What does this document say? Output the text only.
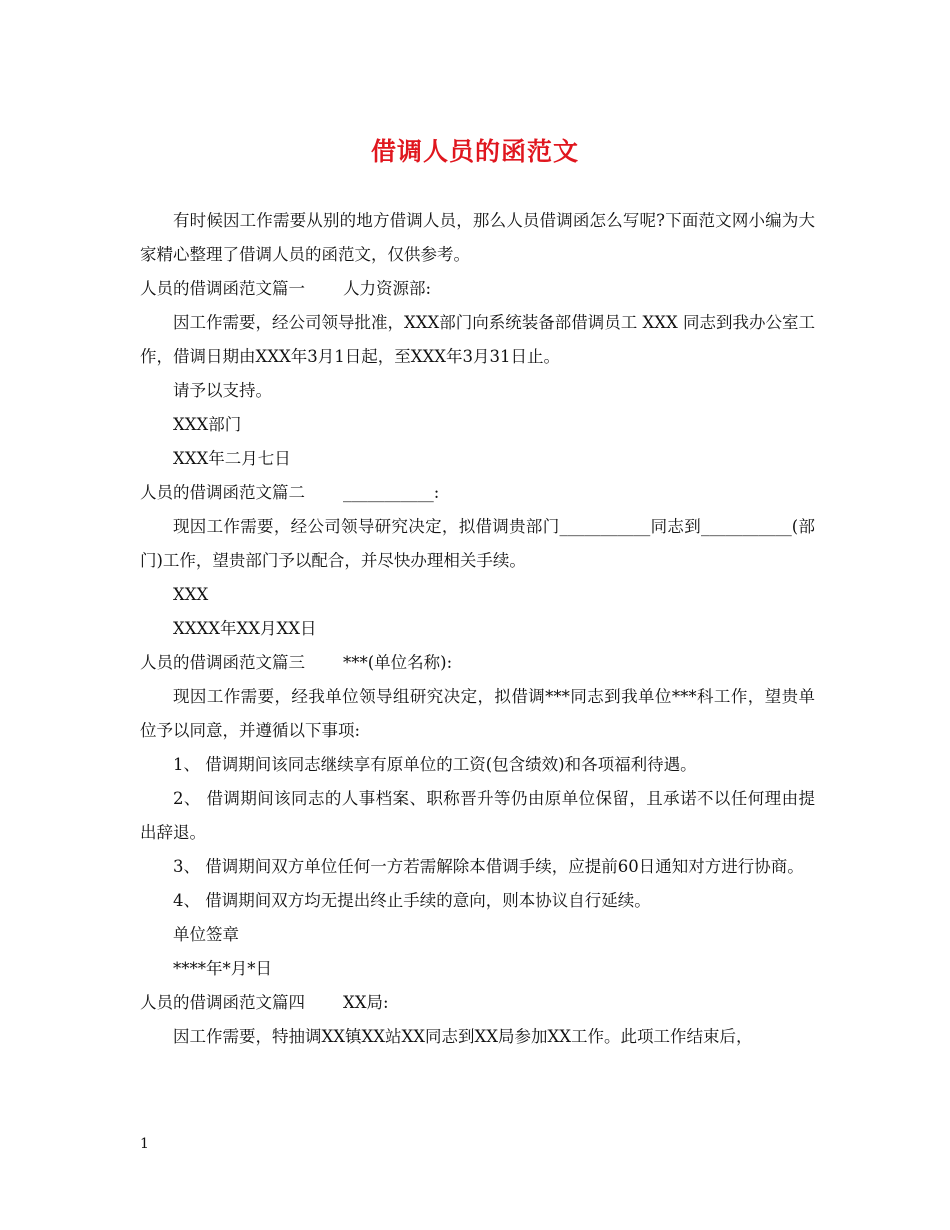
借调人员的函范文

有时候因工作需要从别的地方借调人员，那么人员借调函怎么写呢?下面范文网小编为大家精心整理了借调人员的函范文，仅供参考。

人员的借调函范文篇一 人力资源部:

因工作需要，经公司领导批准，XXX部门向系统装备部借调员工 XXX 同志到我办公室工作，借调日期由XXX年3月1日起，至XXX年3月31日止。

请予以支持。

XXX部门

XXX年二月七日

人员的借调函范文篇二 ___________:

现因工作需要，经公司领导研究决定，拟借调贵部门___________同志到___________(部门)工作，望贵部门予以配合，并尽快办理相关手续。

XXX

XXXX年XX月XX日

人员的借调函范文篇三 ***(单位名称):

现因工作需要，经我单位领导组研究决定，拟借调***同志到我单位***科工作，望贵单位予以同意，并遵循以下事项:

1、 借调期间该同志继续享有原单位的工资(包含绩效)和各项福利待遇。

2、 借调期间该同志的人事档案、职称晋升等仍由原单位保留，且承诺不以任何理由提出辞退。

3、 借调期间双方单位任何一方若需解除本借调手续，应提前60日通知对方进行协商。

4、 借调期间双方均无提出终止手续的意向，则本协议自行延续。

单位签章

****年*月*日

人员的借调函范文篇四 XX局:

因工作需要，特抽调XX镇XX站XX同志到XX局参加XX工作。此项工作结束后，

1
